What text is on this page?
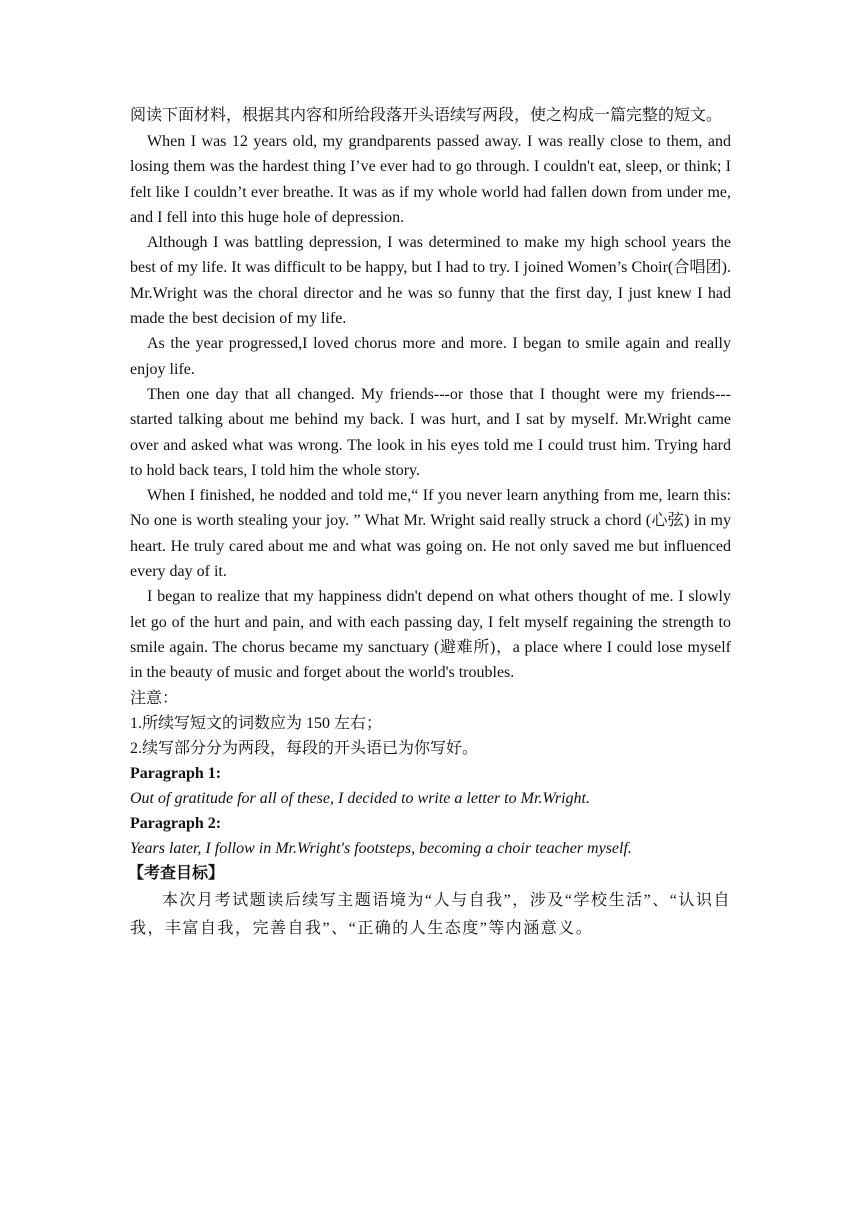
阅读下面材料，根据其内容和所给段落开头语续写两段，使之构成一篇完整的短文。

When I was 12 years old, my grandparents passed away. I was really close to them, and losing them was the hardest thing I’ve ever had to go through. I couldn't eat, sleep, or think; I felt like I couldn’t ever breathe. It was as if my whole world had fallen down from under me, and I fell into this huge hole of depression.

Although I was battling depression, I was determined to make my high school years the best of my life. It was difficult to be happy, but I had to try. I joined Women’s Choir(合唱团). Mr.Wright was the choral director and he was so funny that the first day, I just knew I had made the best decision of my life.

As the year progressed,I loved chorus more and more. I began to smile again and really enjoy life.

Then one day that all changed. My friends---or those that I thought were my friends---started talking about me behind my back. I was hurt, and I sat by myself. Mr.Wright came over and asked what was wrong. The look in his eyes told me I could trust him. Trying hard to hold back tears, I told him the whole story.

When I finished, he nodded and told me,“ If you never learn anything from me, learn this: No one is worth stealing your joy. ” What Mr. Wright said really struck a chord (心弦) in my heart. He truly cared about me and what was going on. He not only saved me but influenced every day of it.

I began to realize that my happiness didn't depend on what others thought of me. I slowly let go of the hurt and pain, and with each passing day, I felt myself regaining the strength to smile again. The chorus became my sanctuary (避难所)，a place where I could lose myself in the beauty of music and forget about the world's troubles.

注意：

1.所续写短文的词数应为 150 左右；

2.续写部分分为两段，每段的开头语已为你写好。

Paragraph 1:

Out of gratitude for all of these, I decided to write a letter to Mr.Wright.

Paragraph 2:

Years later, I follow in Mr.Wright's footsteps, becoming a choir teacher myself.

【考查目标】

本次月考试题读后续写主题语境为“人与自我”，涉及“学校生活”、“认识自我，丰富自我，完善自我”、“正确的人生态度”等内涵意义。
